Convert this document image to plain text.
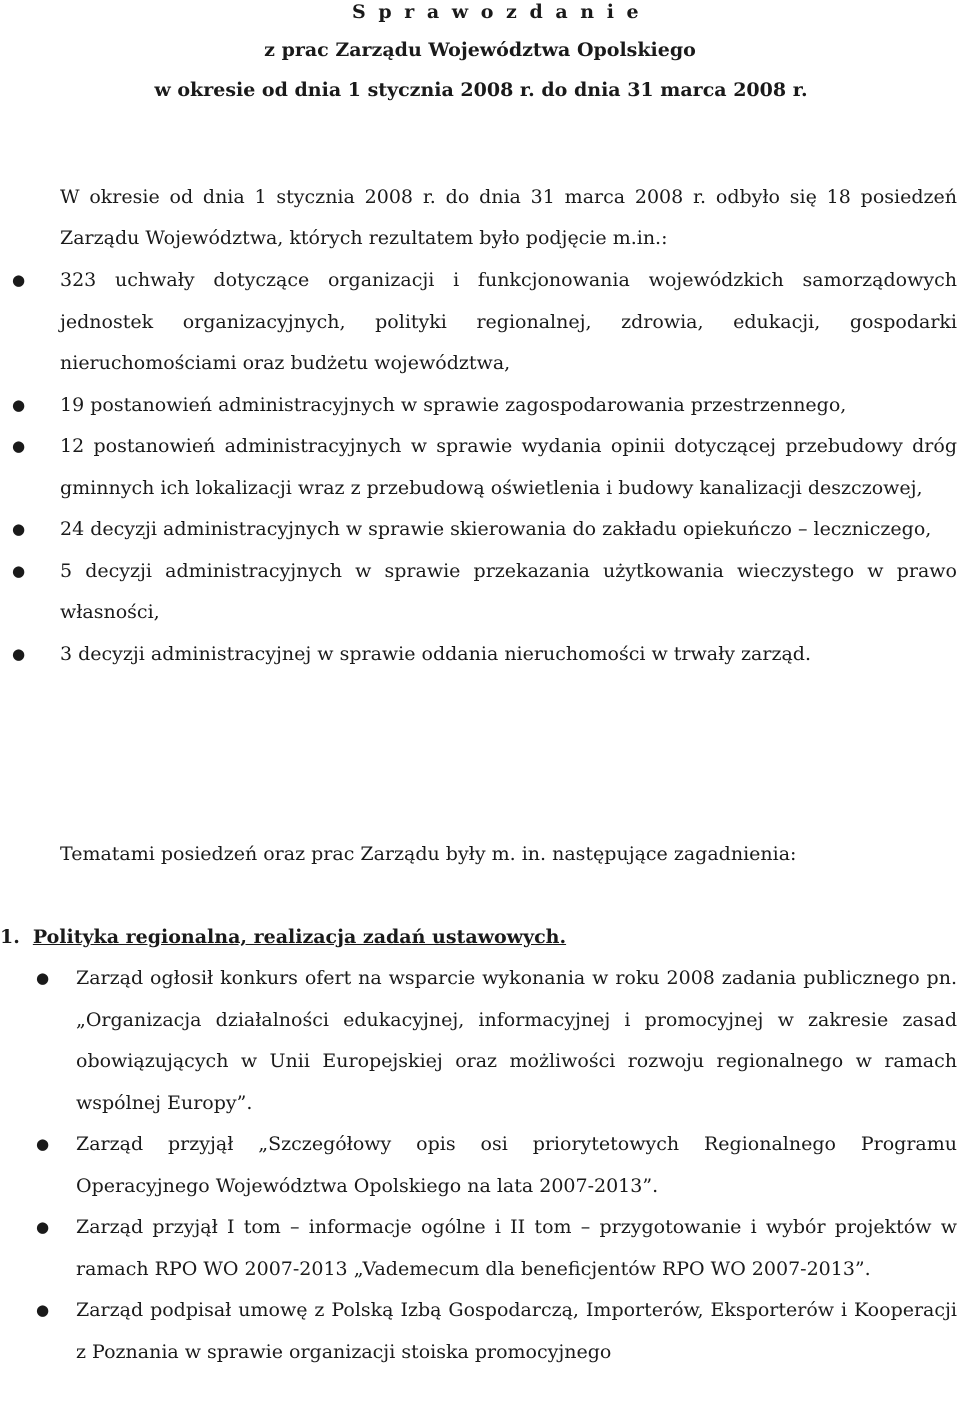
S p r a w o z d a n i e

z prac Zarządu Województwa Opolskiego

w okresie od dnia 1 stycznia 2008 r. do dnia 31 marca 2008 r.

W okresie od dnia 1 stycznia 2008 r. do dnia 31 marca 2008 r. odbyło się 18 posiedzeń Zarządu Województwa, których rezultatem było podjęcie m.in.:

● 323 uchwały dotyczące organizacji i funkcjonowania wojewódzkich samorządowych jednostek organizacyjnych, polityki regionalnej, zdrowia, edukacji, gospodarki nieruchomościami oraz budżetu województwa,
● 19 postanowień administracyjnych w sprawie zagospodarowania przestrzennego,
● 12 postanowień administracyjnych w sprawie wydania opinii dotyczącej przebudowy dróg gminnych ich lokalizacji wraz z przebudową oświetlenia i budowy kanalizacji deszczowej,
● 24 decyzji administracyjnych w sprawie skierowania do zakładu opiekuńczo – leczniczego,
● 5 decyzji administracyjnych w sprawie przekazania użytkowania wieczystego w prawo własności,
● 3 decyzji administracyjnej w sprawie oddania nieruchomości w trwały zarząd.

Tematami posiedzeń oraz prac Zarządu były m. in. następujące zagadnienia:

1. Polityka regionalna, realizacja zadań ustawowych.

● Zarząd ogłosił konkurs ofert na wsparcie wykonania w roku 2008 zadania publicznego pn. „Organizacja działalności edukacyjnej, informacyjnej i promocyjnej w zakresie zasad obowiązujących w Unii Europejskiej oraz możliwości rozwoju regionalnego w ramach wspólnej Europy”.
● Zarząd przyjął „Szczegółowy opis osi priorytetowych Regionalnego Programu Operacyjnego Województwa Opolskiego na lata 2007-2013”.
● Zarząd przyjął I tom – informacje ogólne i II tom – przygotowanie i wybór projektów w ramach RPO WO 2007-2013 „Vademecum dla beneficjentów RPO WO 2007-2013”.
● Zarząd podpisał umowę z Polską Izbą Gospodarczą, Importerów, Eksporterów i Kooperacji z Poznania w sprawie organizacji stoiska promocyjnego
